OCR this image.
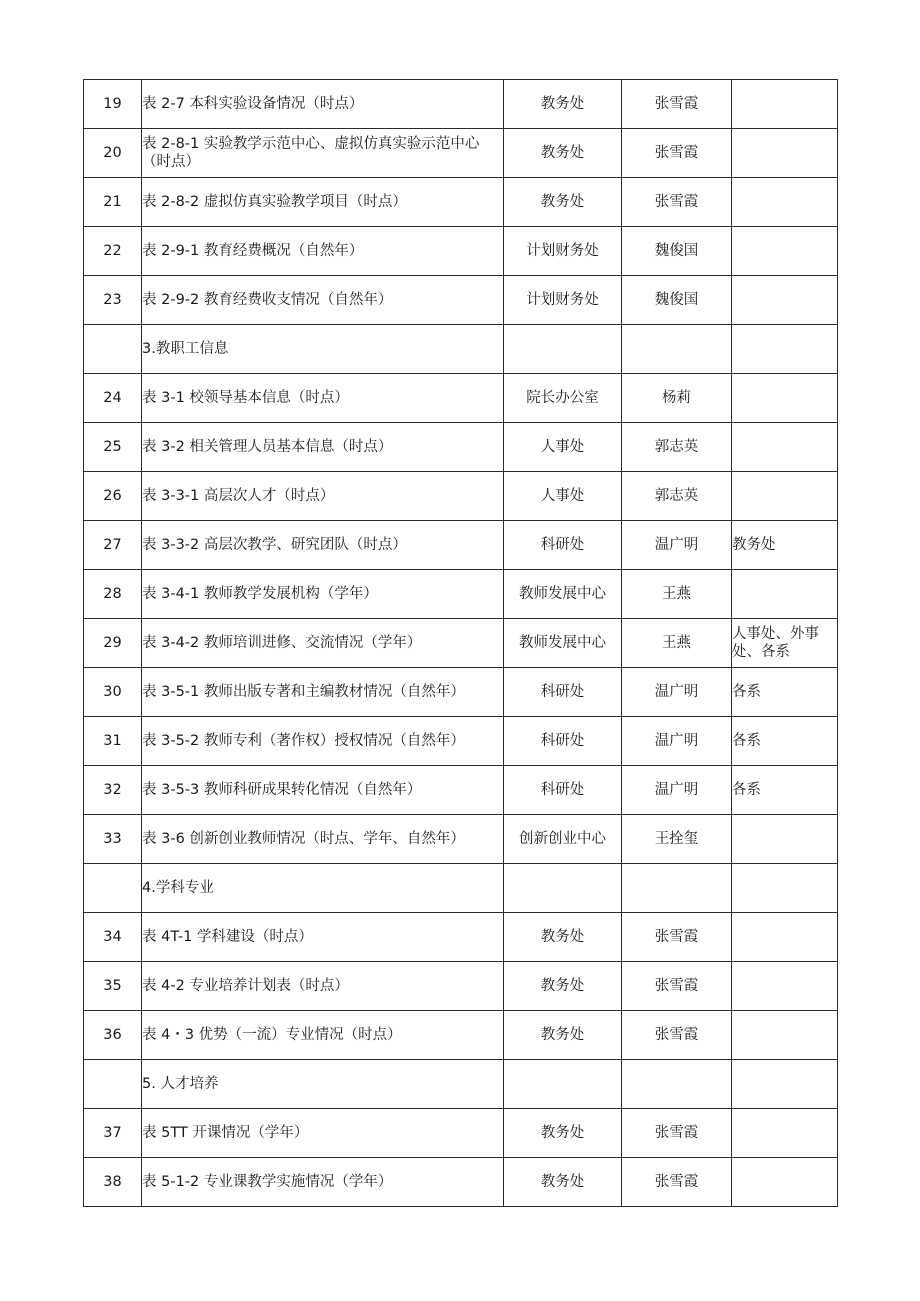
19	表 2-7 本科实验设备情况（时点）	教务处	张雪霞	
20	表 2-8-1 实验教学示范中心、虚拟仿真实验示范中心（时点）	教务处	张雪霞	
21	表 2-8-2 虚拟仿真实验教学项目（时点）	教务处	张雪霞	
22	表 2-9-1 教育经费概况（自然年）	计划财务处	魏俊国	
23	表 2-9-2 教育经费收支情况（自然年）	计划财务处	魏俊国	
	3.教职工信息			
24	表 3-1 校领导基本信息（时点）	院长办公室	杨莉	
25	表 3-2 相关管理人员基本信息（时点）	人事处	郭志英	
26	表 3-3-1 高层次人才（时点）	人事处	郭志英	
27	表 3-3-2 高层次教学、研究团队（时点）	科研处	温广明	教务处
28	表 3-4-1 教师教学发展机构（学年）	教师发展中心	王燕	
29	表 3-4-2 教师培训进修、交流情况（学年）	教师发展中心	王燕	人事处、外事处、各系
30	表 3-5-1 教师出版专著和主编教材情况（自然年）	科研处	温广明	各系
31	表 3-5-2 教师专利（著作权）授权情况（自然年）	科研处	温广明	各系
32	表 3-5-3 教师科研成果转化情况（自然年）	科研处	温广明	各系
33	表 3-6 创新创业教师情况（时点、学年、自然年）	创新创业中心	王拴玺	
	4.学科专业			
34	表 4T-1 学科建设（时点）	教务处	张雪霞	
35	表 4-2 专业培养计划表（时点）	教务处	张雪霞	
36	表 4・3 优势（一流）专业情况（时点）	教务处	张雪霞	
	5. 人才培养			
37	表 5TT 开课情况（学年）	教务处	张雪霞	
38	表 5-1-2 专业课教学实施情况（学年）	教务处	张雪霞	
